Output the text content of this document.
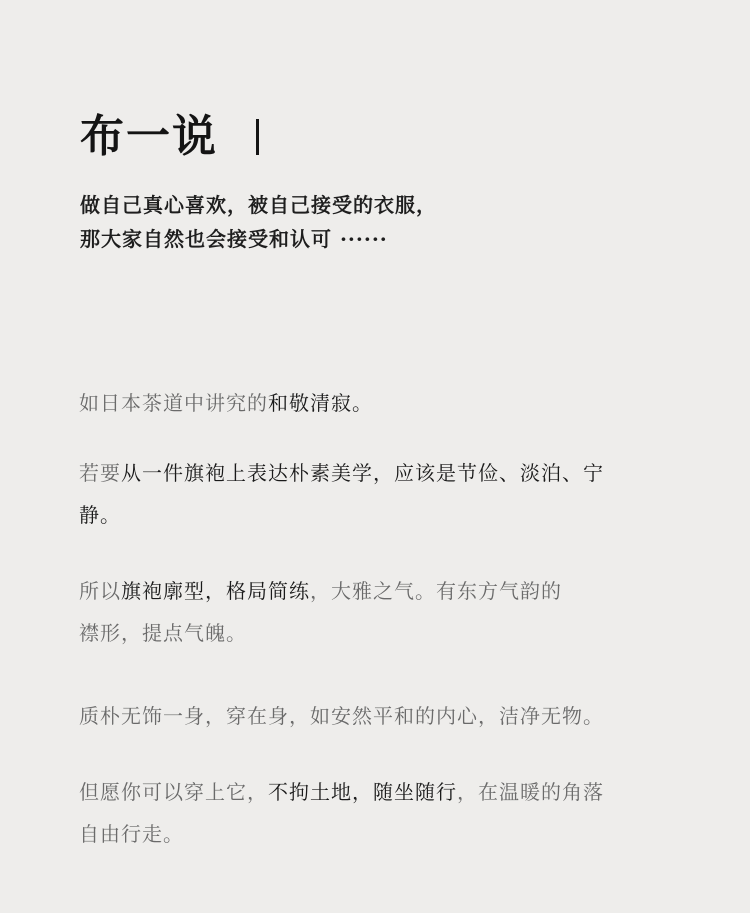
布一说
做自己真心喜欢，被自己接受的衣服，
那大家自然也会接受和认可 ······
如日本茶道中讲究的和敬清寂。
若要从一件旗袍上表达朴素美学，应该是节俭、淡泊、宁
静。
所以旗袍廓型，格局简练，大雅之气。有东方气韵的
襟形，提点气魄。
质朴无饰一身，穿在身，如安然平和的内心，洁净无物。
但愿你可以穿上它，不拘土地，随坐随行，在温暖的角落
自由行走。
